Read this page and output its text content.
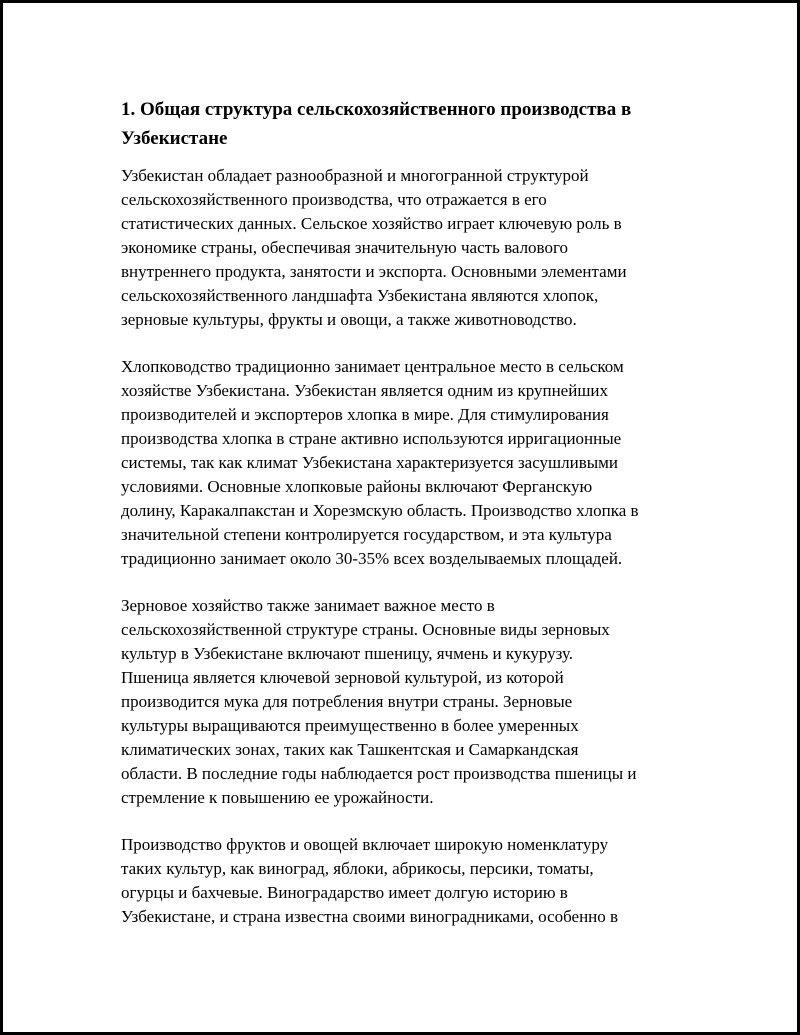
1. Общая структура сельскохозяйственного производства в
Узбекистане

Узбекистан обладает разнообразной и многогранной структурой
сельскохозяйственного производства, что отражается в его
статистических данных. Сельское хозяйство играет ключевую роль в
экономике страны, обеспечивая значительную часть валового
внутреннего продукта, занятости и экспорта. Основными элементами
сельскохозяйственного ландшафта Узбекистана являются хлопок,
зерновые культуры, фрукты и овощи, а также животноводство.

Хлопководство традиционно занимает центральное место в сельском
хозяйстве Узбекистана. Узбекистан является одним из крупнейших
производителей и экспортеров хлопка в мире. Для стимулирования
производства хлопка в стране активно используются ирригационные
системы, так как климат Узбекистана характеризуется засушливыми
условиями. Основные хлопковые районы включают Ферганскую
долину, Каракалпакстан и Хорезмскую область. Производство хлопка в
значительной степени контролируется государством, и эта культура
традиционно занимает около 30-35% всех возделываемых площадей.

Зерновое хозяйство также занимает важное место в
сельскохозяйственной структуре страны. Основные виды зерновых
культур в Узбекистане включают пшеницу, ячмень и кукурузу.
Пшеница является ключевой зерновой культурой, из которой
производится мука для потребления внутри страны. Зерновые
культуры выращиваются преимущественно в более умеренных
климатических зонах, таких как Ташкентская и Самаркандская
области. В последние годы наблюдается рост производства пшеницы и
стремление к повышению ее урожайности.

Производство фруктов и овощей включает широкую номенклатуру
таких культур, как виноград, яблоки, абрикосы, персики, томаты,
огурцы и бахчевые. Виноградарство имеет долгую историю в
Узбекистане, и страна известна своими виноградниками, особенно в
